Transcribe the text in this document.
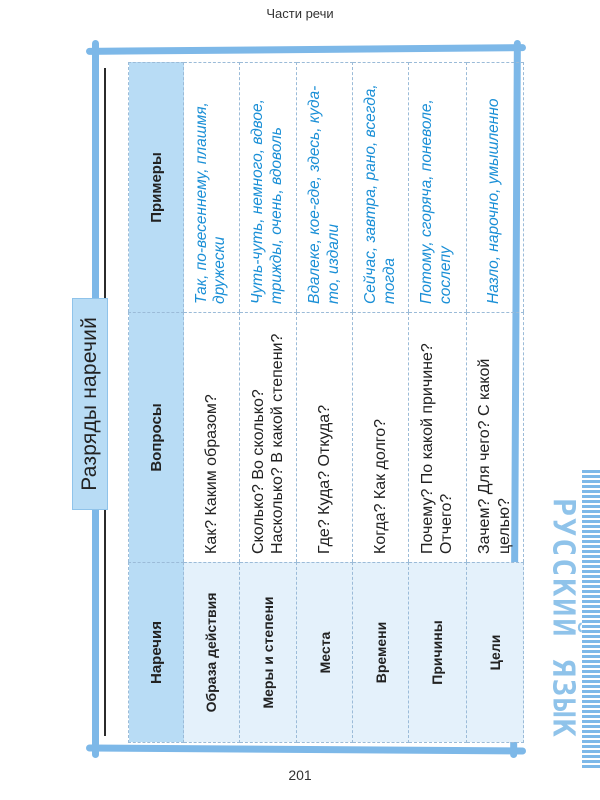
Части речи
Разряды наречий
Наречия	Вопросы	Примеры
Образа действия	Как? Каким образом?	Так, по-весеннему, плашмя, дружески
Меры и степени	Сколько? Во сколько? Насколько? В какой степени?	Чуть-чуть, немного, вдвое, трижды, очень, вдоволь
Места	Где? Куда? Откуда?	Вдалеке, кое-где, здесь, куда-то, издали
Времени	Когда? Как долго?	Сейчас, завтра, рано, всегда, тогда
Причины	Почему? По какой причине? Отчего?	Потому, сгоряча, поневоле, сослепу
Цели	Зачем? Для чего? С какой целью?	Назло, нарочно, умышленно
РУССКИЙ ЯЗЫК
201
